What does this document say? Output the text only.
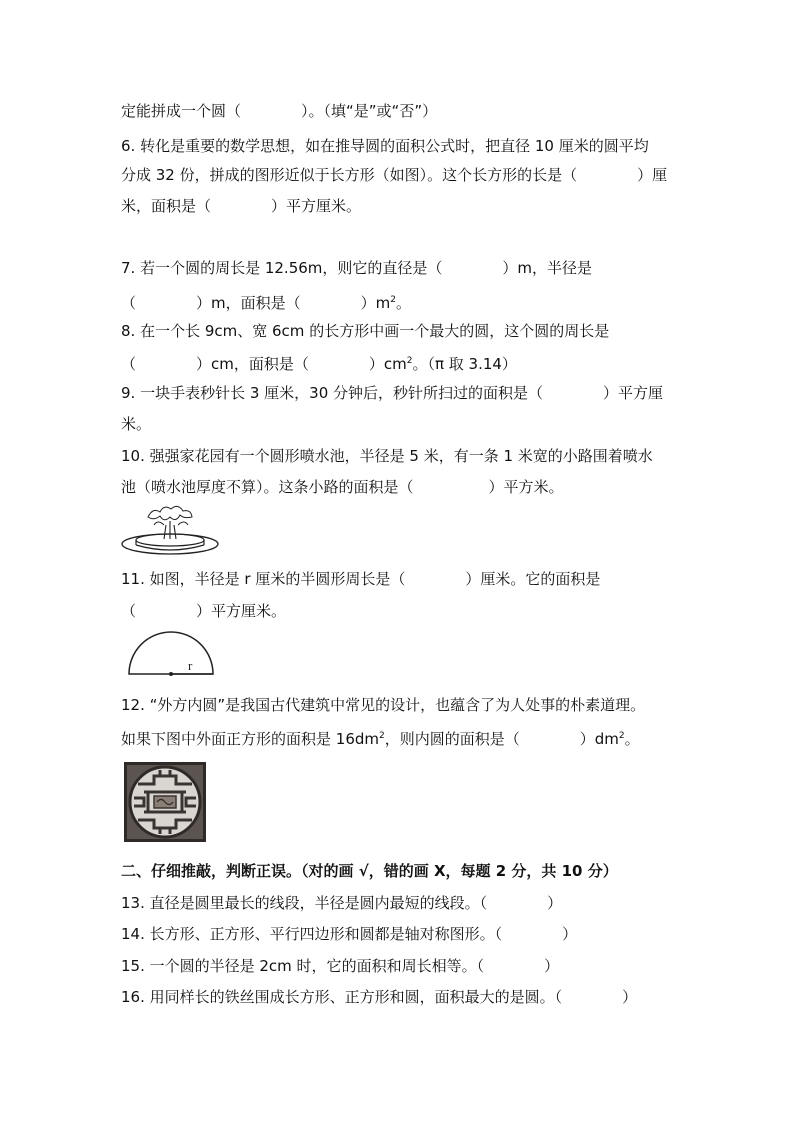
定能拼成一个圆（　　　　）。（填“是”或“否”）
6. 转化是重要的数学思想，如在推导圆的面积公式时，把直径 10 厘米的圆平均
分成 32 份，拼成的图形近似于长方形（如图）。这个长方形的长是（　　　　）厘
米，面积是（　　　　）平方厘米。
7. 若一个圆的周长是 12.56m，则它的直径是（　　　　）m，半径是
（　　　　）m，面积是（　　　　）$m^2$。
8. 在一个长 9cm、宽 6cm 的长方形中画一个最大的圆，这个圆的周长是
（　　　　）cm，面积是（　　　　）$cm^2$。（π 取 3.14）
9. 一块手表秒针长 3 厘米，30 分钟后，秒针所扫过的面积是（　　　　）平方厘
米。
10. 强强家花园有一个圆形喷水池，半径是 5 米，有一条 1 米宽的小路围着喷水
池（喷水池厚度不算）。这条小路的面积是（　　　　　）平方米。
11. 如图，半径是 r 厘米的半圆形周长是（　　　　）厘米。它的面积是
（　　　　）平方厘米。
r
12. “外方内圆”是我国古代建筑中常见的设计，也蕴含了为人处事的朴素道理。
如果下图中外面正方形的面积是 $16dm^2$，则内圆的面积是（　　　　）$dm^2$。
二、仔细推敲，判断正误。（对的画 √，错的画 X，每题 2 分，共 10 分）
13. 直径是圆里最长的线段，半径是圆内最短的线段。（　　　　）
14. 长方形、正方形、平行四边形和圆都是轴对称图形。（　　　　）
15. 一个圆的半径是 2cm 时，它的面积和周长相等。（　　　　）
16. 用同样长的铁丝围成长方形、正方形和圆，面积最大的是圆。（　　　　）
